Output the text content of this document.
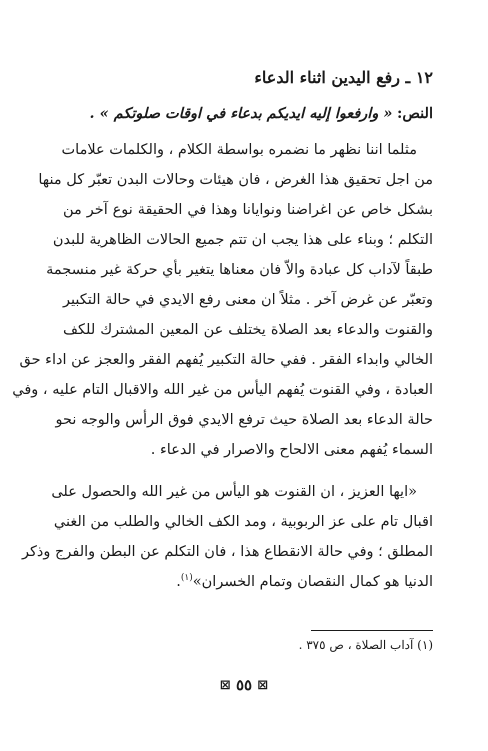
١٢ ـ رفع اليدين اثناء الدعاء
النص: « وارفعوا إليه ايديكم بدعاء في اوقات صلوتكم » .
مثلما اننا نظهر ما نضمره بواسطة الكلام ، والكلمات علامات
من اجل تحقيق هذا الغرض ، فان هيئات وحالات البدن تعبّر كل منها
بشكل خاص عن اغراضنا ونوايانا وهذا في الحقيقة نوع آخر من
التكلم ؛ وبناء على هذا يجب ان تتم جميع الحالات الظاهرية للبدن
طبقاً لآداب كل عبادة والاّ فان معناها يتغير بأي حركة غير منسجمة
وتعبّر عن غرض آخر . مثلاً ان معنى رفع الايدي في حالة التكبير
والقنوت والدعاء بعد الصلاة يختلف عن المعين المشترك للكف
الخالي وابداء الفقر . ففي حالة التكبير يُفهم الفقر والعجز عن اداء حق
العبادة ، وفي القنوت يُفهم اليأس من غير الله والاقبال التام عليه ، وفي
حالة الدعاء بعد الصلاة حيث ترفع الايدي فوق الرأس والوجه نحو
السماء يُفهم معنى الالحاح والاصرار في الدعاء .
«ايها العزيز ، ان القنوت هو اليأس من غير الله والحصول على
اقبال تام على عز الربوبية ، ومد الكف الخالي والطلب من الغني
المطلق ؛ وفي حالة الانقطاع هذا ، فان التكلم عن البطن والفرج وذكر
الدنيا هو كمال النقصان وتمام الخسران»$^{(١)}$.
(١) آداب الصلاة ، ص ٣٧٥ .
⊠ ٥٥ ⊠
